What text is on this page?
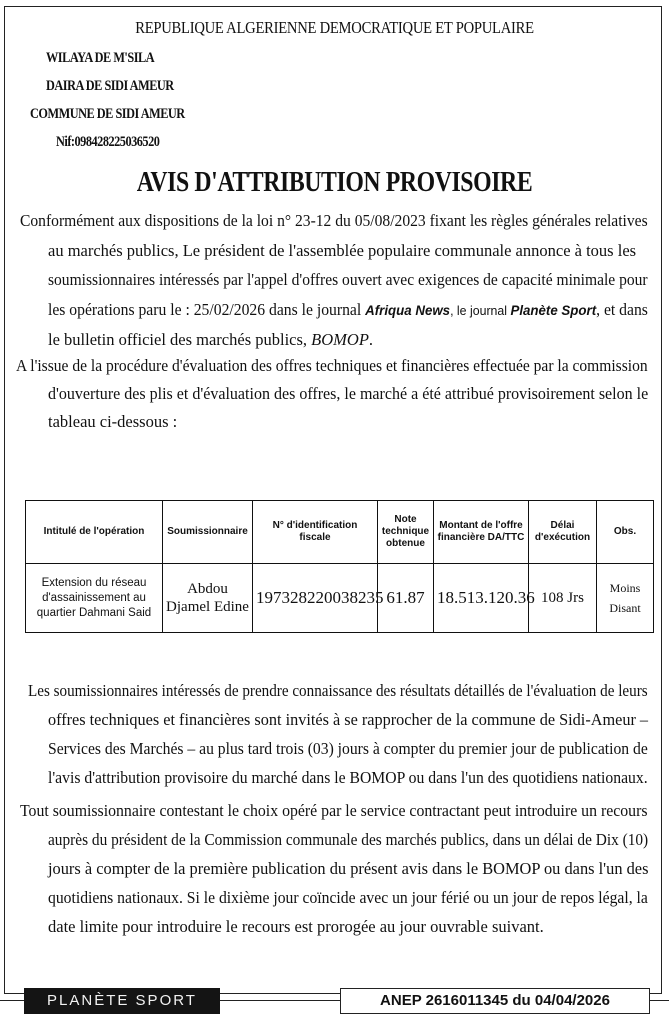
REPUBLIQUE ALGERIENNE DEMOCRATIQUE ET POPULAIRE
WILAYA DE M'SILA
DAIRA DE SIDI AMEUR
COMMUNE DE SIDI AMEUR
Nif:098428225036520
AVIS D'ATTRIBUTION PROVISOIRE
Conformément aux dispositions de la loi n° 23-12 du 05/08/2023 fixant les règles générales relatives
au marchés publics, Le président de l'assemblée populaire communale annonce à tous les
soumissionnaires intéressés par l'appel d'offres ouvert avec exigences de capacité minimale pour
les opérations paru le : 25/02/2026 dans le journal Afriqua News, le journal Planète Sport, et dans
le bulletin officiel des marchés publics, BOMOP.
A l'issue de la procédure d'évaluation des offres techniques et financières effectuée par la commission
d'ouverture des plis et d'évaluation des offres, le marché a été attribué provisoirement selon le
tableau ci-dessous :
Intitulé de l'opération	Soumissionnaire	N° d'identification fiscale	Note technique obtenue	Montant de l'offre financière DA/TTC	Délai d'exécution	Obs.
Extension du réseau d'assainissement au quartier Dahmani Said	Abdou Djamel Edine	197328220038235	61.87	18.513.120.36	108 Jrs	Moins Disant
Les soumissionnaires intéressés de prendre connaissance des résultats détaillés de l'évaluation de leurs
offres techniques et financières sont invités à se rapprocher de la commune de Sidi-Ameur –
Services des Marchés – au plus tard trois (03) jours à compter du premier jour de publication de
l'avis d'attribution provisoire du marché dans le BOMOP ou dans l'un des quotidiens nationaux.
Tout soumissionnaire contestant le choix opéré par le service contractant peut introduire un recours
auprès du président de la Commission communale des marchés publics, dans un délai de Dix (10)
jours à compter de la première publication du présent avis dans le BOMOP ou dans l'un des
quotidiens nationaux. Si le dixième jour coïncide avec un jour férié ou un jour de repos légal, la
date limite pour introduire le recours est prorogée au jour ouvrable suivant.
PLANÈTE SPORT	ANEP 2616011345 du 04/04/2026
